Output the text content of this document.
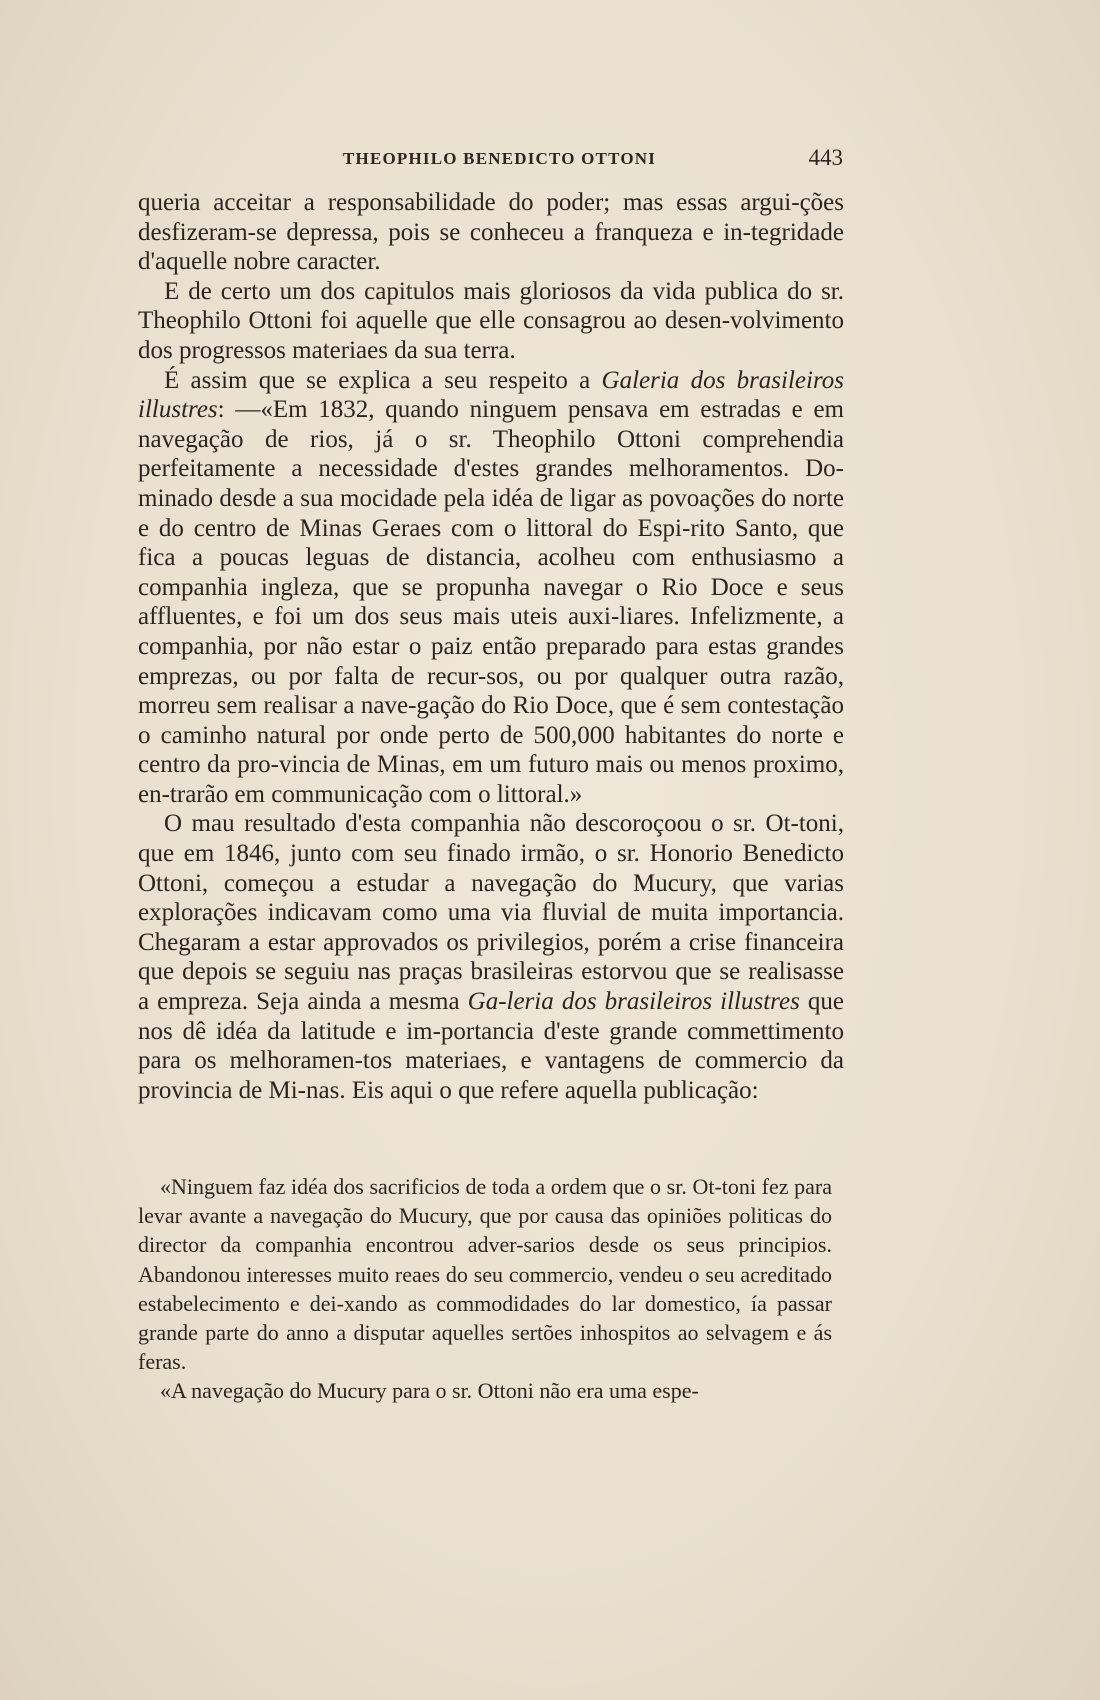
THEOPHILO BENEDICTO OTTONI	443

queria acceitar a responsabilidade do poder; mas essas argui-ções desfizeram-se depressa, pois se conheceu a franqueza e in-tegridade d'aquelle nobre caracter.

E de certo um dos capitulos mais gloriosos da vida publica do sr. Theophilo Ottoni foi aquelle que elle consagrou ao desen-volvimento dos progressos materiaes da sua terra.

É assim que se explica a seu respeito a Galeria dos brasileiros illustres: —«Em 1832, quando ninguem pensava em estradas e em navegação de rios, já o sr. Theophilo Ottoni comprehendia perfeitamente a necessidade d'estes grandes melhoramentos. Do-minado desde a sua mocidade pela idéa de ligar as povoações do norte e do centro de Minas Geraes com o littoral do Espi-rito Santo, que fica a poucas leguas de distancia, acolheu com enthusiasmo a companhia ingleza, que se propunha navegar o Rio Doce e seus affluentes, e foi um dos seus mais uteis auxi-liares. Infelizmente, a companhia, por não estar o paiz então preparado para estas grandes emprezas, ou por falta de recur-sos, ou por qualquer outra razão, morreu sem realisar a nave-gação do Rio Doce, que é sem contestação o caminho natural por onde perto de 500,000 habitantes do norte e centro da pro-vincia de Minas, em um futuro mais ou menos proximo, en-trarão em communicação com o littoral.»

O mau resultado d'esta companhia não descoroçoou o sr. Ot-toni, que em 1846, junto com seu finado irmão, o sr. Honorio Benedicto Ottoni, começou a estudar a navegação do Mucury, que varias explorações indicavam como uma via fluvial de muita importancia. Chegaram a estar approvados os privilegios, porém a crise financeira que depois se seguiu nas praças brasileiras estorvou que se realisasse a empreza. Seja ainda a mesma Ga-leria dos brasileiros illustres que nos dê idéa da latitude e im-portancia d'este grande commettimento para os melhoramen-tos materiaes, e vantagens de commercio da provincia de Mi-nas. Eis aqui o que refere aquella publicação:

«Ninguem faz idéa dos sacrificios de toda a ordem que o sr. Ot-toni fez para levar avante a navegação do Mucury, que por causa das opiniões politicas do director da companhia encontrou adver-sarios desde os seus principios. Abandonou interesses muito reaes do seu commercio, vendeu o seu acreditado estabelecimento e dei-xando as commodidades do lar domestico, ía passar grande parte do anno a disputar aquelles sertões inhospitos ao selvagem e ás feras.

«A navegação do Mucury para o sr. Ottoni não era uma espe-
